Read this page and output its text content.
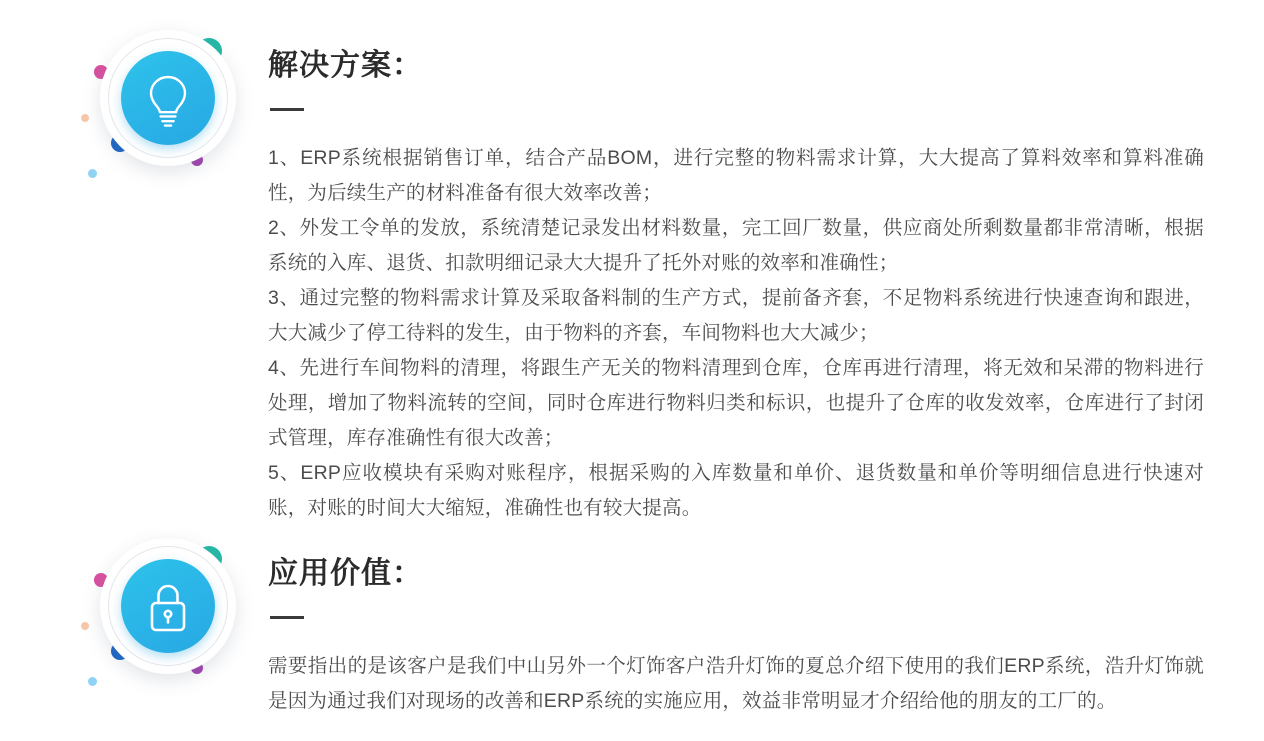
解决方案：

1、ERP系统根据销售订单，结合产品BOM，进行完整的物料需求计算，大大提高了算料效率和算料准确性，为后续生产的材料准备有很大效率改善；

2、外发工令单的发放，系统清楚记录发出材料数量，完工回厂数量，供应商处所剩数量都非常清晰，根据系统的入库、退货、扣款明细记录大大提升了托外对账的效率和准确性；

3、通过完整的物料需求计算及采取备料制的生产方式，提前备齐套，不足物料系统进行快速查询和跟进，大大减少了停工待料的发生，由于物料的齐套，车间物料也大大减少；

4、先进行车间物料的清理，将跟生产无关的物料清理到仓库，仓库再进行清理，将无效和呆滞的物料进行处理，增加了物料流转的空间，同时仓库进行物料归类和标识，也提升了仓库的收发效率，仓库进行了封闭式管理，库存准确性有很大改善；

5、ERP应收模块有采购对账程序，根据采购的入库数量和单价、退货数量和单价等明细信息进行快速对账，对账的时间大大缩短，准确性也有较大提高。

应用价值：

需要指出的是该客户是我们中山另外一个灯饰客户浩升灯饰的夏总介绍下使用的我们ERP系统，浩升灯饰就是因为通过我们对现场的改善和ERP系统的实施应用，效益非常明显才介绍给他的朋友的工厂的。
